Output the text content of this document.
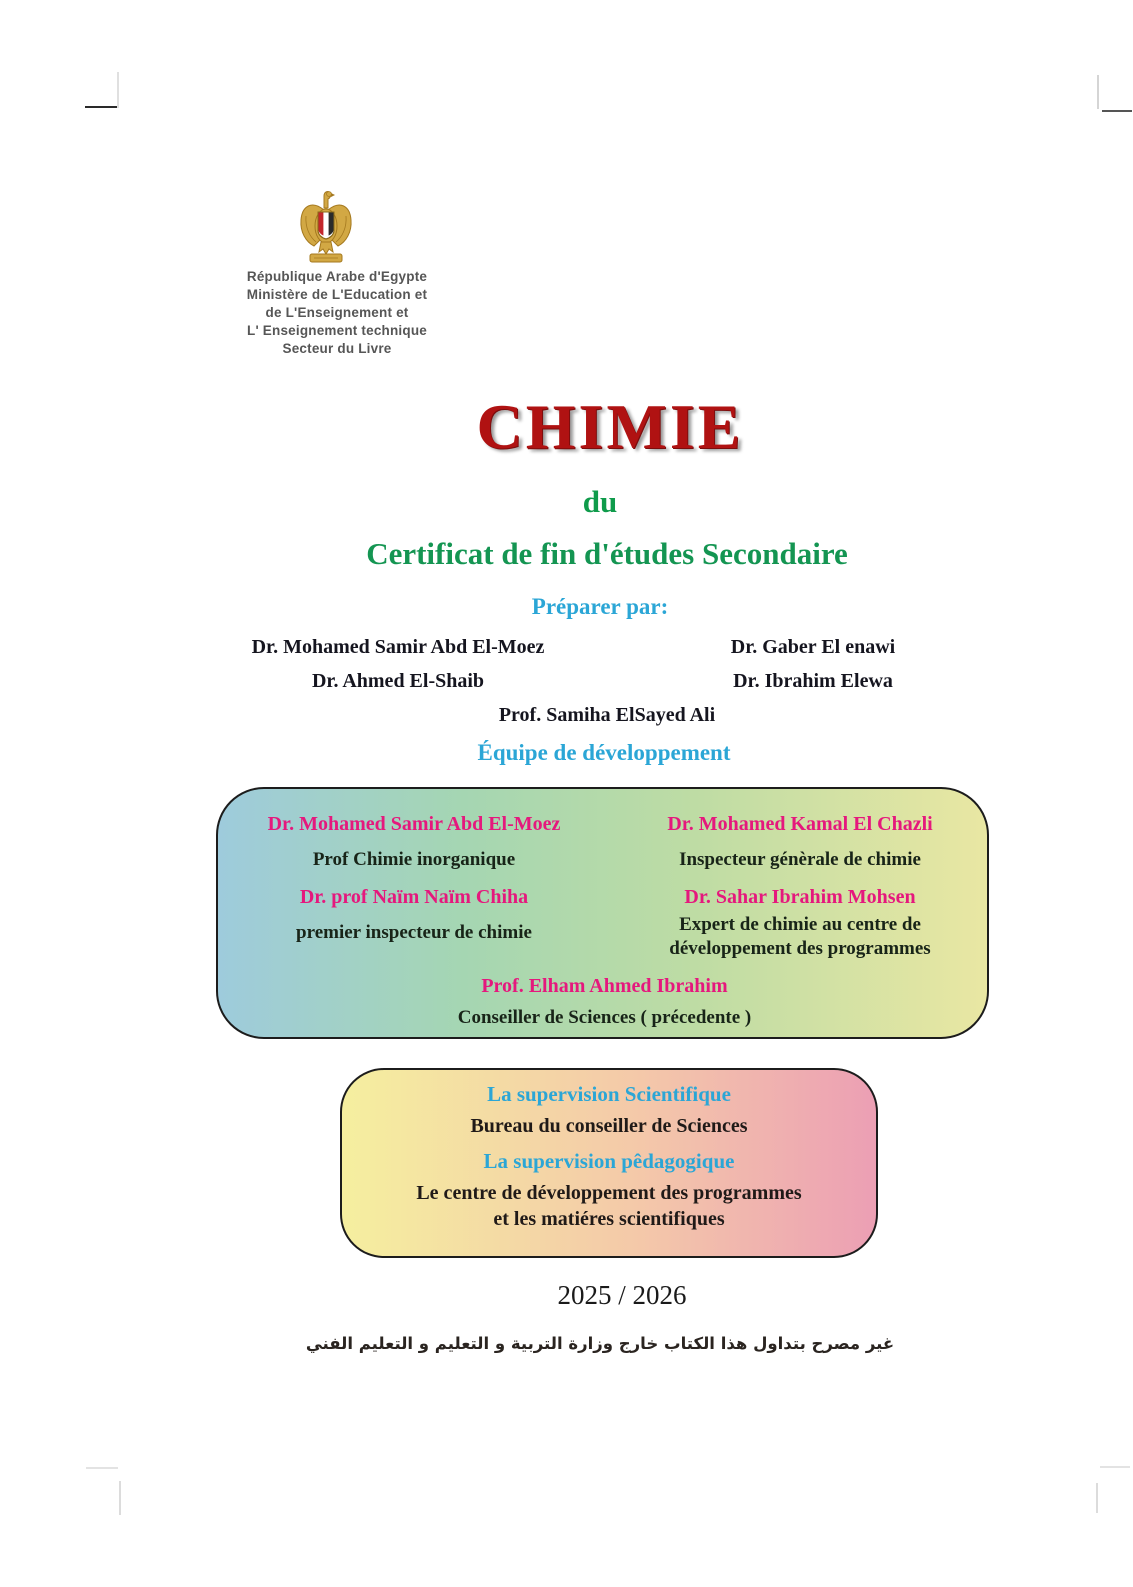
République Arabe d'Egypte
Ministère de L'Education et
de L'Enseignement et
L' Enseignement technique
Secteur du Livre
CHIMIE
du
Certificat de fin d'études Secondaire
Préparer par:
Dr. Mohamed Samir Abd El-Moez	Dr. Gaber El enawi
Dr. Ahmed El-Shaib	Dr. Ibrahim Elewa
Prof. Samiha ElSayed Ali
Équipe de développement
Dr. Mohamed Samir Abd El-Moez
Prof Chimie inorganique
Dr. prof Naïm Naïm Chiha
premier inspecteur de chimie
Dr. Mohamed Kamal El Chazli
Inspecteur génèrale de chimie
Dr. Sahar Ibrahim Mohsen
Expert de chimie au centre de développement des programmes
Prof. Elham Ahmed Ibrahim
Conseiller de Sciences ( précedente )
La supervision Scientifique
Bureau du conseiller de Sciences
La supervision pêdagogique
Le centre de développement des programmes
et les matiéres scientifiques
2025 / 2026
غير مصرح بتداول هذا الكتاب خارج وزارة التربية و التعليم و التعليم الفني
